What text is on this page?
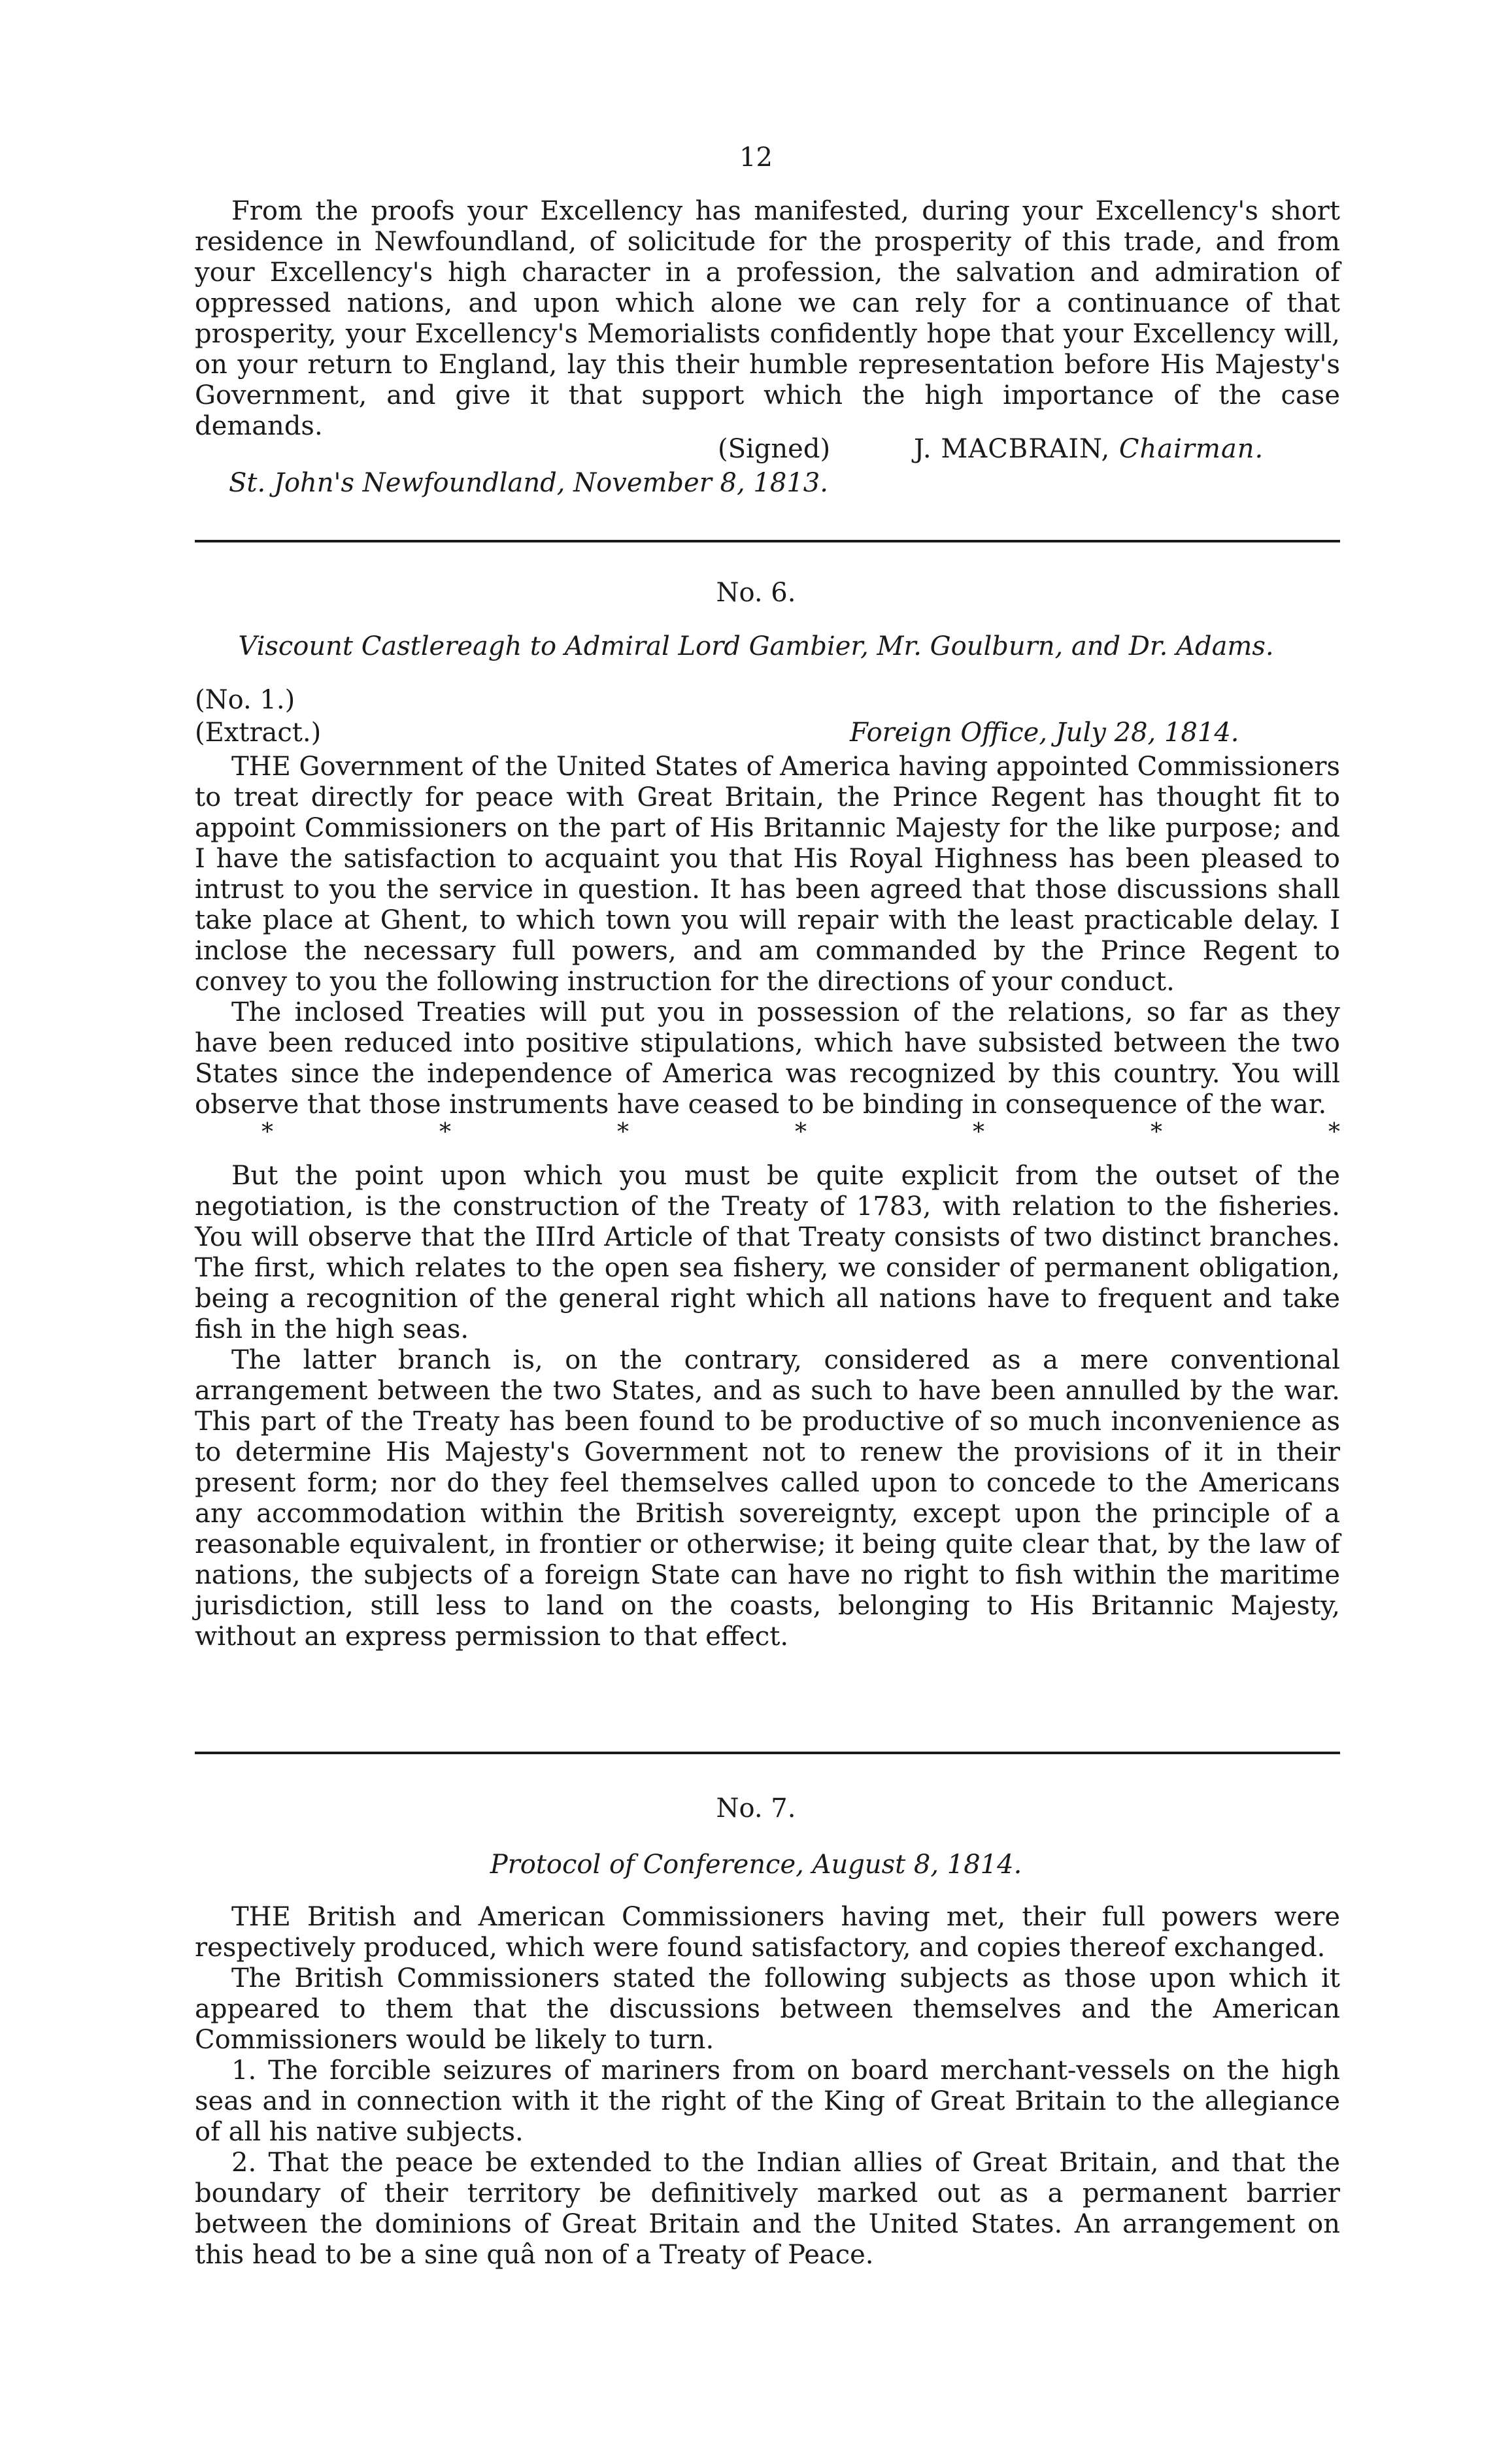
12

From the proofs your Excellency has manifested, during your Excellency's short residence in Newfoundland, of solicitude for the prosperity of this trade, and from your Excellency's high character in a profession, the salvation and admiration of oppressed nations, and upon which alone we can rely for a continuance of that prosperity, your Excellency's Memorialists confidently hope that your Excellency will, on your return to England, lay this their humble representation before His Majesty's Government, and give it that support which the high importance of the case demands.

(Signed)	J. MACBRAIN, Chairman.
St. John's Newfoundland, November 8, 1813.
No. 6.
Viscount Castlereagh to Admiral Lord Gambier, Mr. Goulburn, and Dr. Adams.

(No. 1.)

(Extract.)	Foreign Office, July 28, 1814.

THE Government of the United States of America having appointed Commissioners to treat directly for peace with Great Britain, the Prince Regent has thought fit to appoint Commissioners on the part of His Britannic Majesty for the like purpose; and I have the satisfaction to acquaint you that His Royal Highness has been pleased to intrust to you the service in question. It has been agreed that those discussions shall take place at Ghent, to which town you will repair with the least practicable delay. I inclose the necessary full powers, and am commanded by the Prince Regent to convey to you the following instruction for the directions of your conduct.

The inclosed Treaties will put you in possession of the relations, so far as they have been reduced into positive stipulations, which have subsisted between the two States since the independence of America was recognized by this country. You will observe that those instruments have ceased to be binding in consequence of the war.

*	*	*	*	*	*	*

But the point upon which you must be quite explicit from the outset of the negotiation, is the construction of the Treaty of 1783, with relation to the fisheries. You will observe that the IIIrd Article of that Treaty consists of two distinct branches. The first, which relates to the open sea fishery, we consider of permanent obligation, being a recognition of the general right which all nations have to frequent and take fish in the high seas.

The latter branch is, on the contrary, considered as a mere conventional arrangement between the two States, and as such to have been annulled by the war. This part of the Treaty has been found to be productive of so much inconvenience as to determine His Majesty's Government not to renew the provisions of it in their present form; nor do they feel themselves called upon to concede to the Americans any accommodation within the British sovereignty, except upon the principle of a reasonable equivalent, in frontier or otherwise; it being quite clear that, by the law of nations, the subjects of a foreign State can have no right to fish within the maritime jurisdiction, still less to land on the coasts, belonging to His Britannic Majesty, without an express permission to that effect.

No. 7.
Protocol of Conference, August 8, 1814.

THE British and American Commissioners having met, their full powers were respectively produced, which were found satisfactory, and copies thereof exchanged.

The British Commissioners stated the following subjects as those upon which it appeared to them that the discussions between themselves and the American Commissioners would be likely to turn.

1. The forcible seizures of mariners from on board merchant-vessels on the high seas and in connection with it the right of the King of Great Britain to the allegiance of all his native subjects.

2. That the peace be extended to the Indian allies of Great Britain, and that the boundary of their territory be definitively marked out as a permanent barrier between the dominions of Great Britain and the United States. An arrangement on this head to be a sine quâ non of a Treaty of Peace.
